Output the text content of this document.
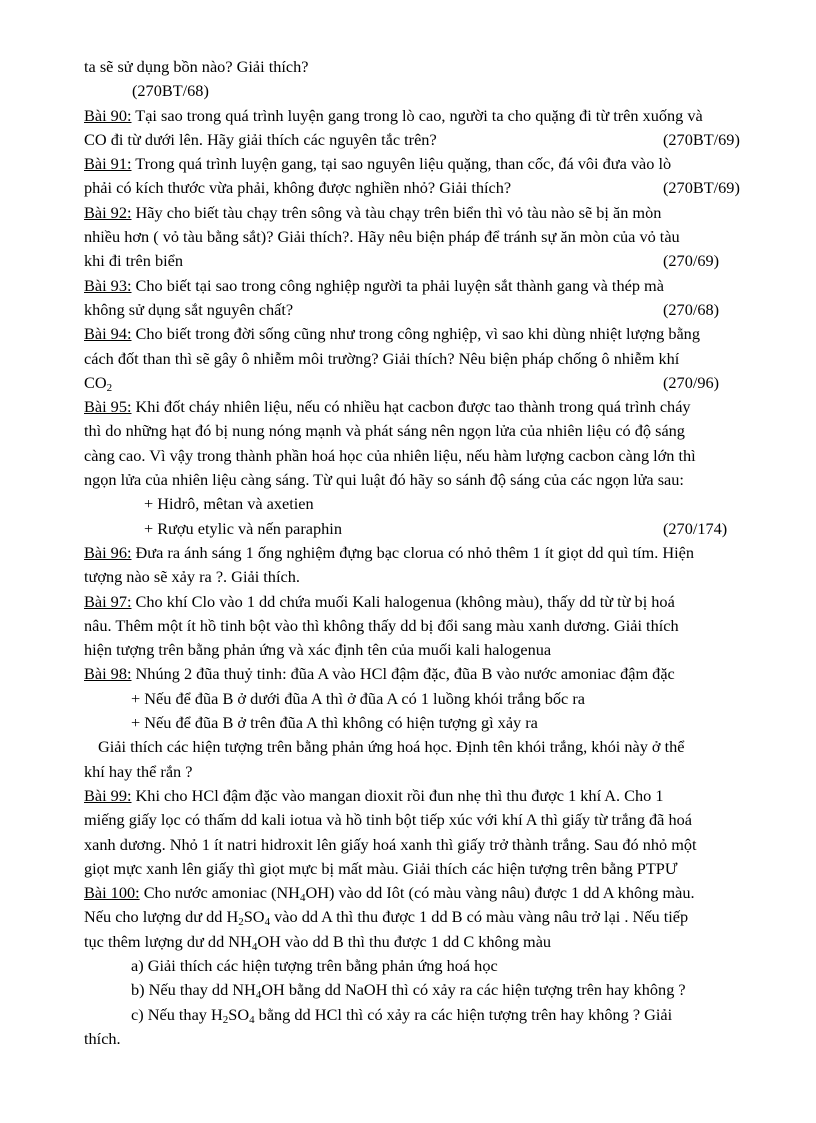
ta sẽ sử dụng bồn nào? Giải thích?
(270BT/68)
Bài 90: Tại sao trong quá trình luyện gang trong lò cao, người ta cho quặng đi từ trên xuống và
CO đi từ dưới lên. Hãy giải thích các nguyên tắc trên?	(270BT/69)
Bài 91: Trong quá trình luyện gang, tại sao nguyên liệu quặng, than cốc, đá vôi đưa vào lò
phải có kích thước vừa phải, không được nghiền nhỏ? Giải thích?	(270BT/69)
Bài 92: Hãy cho biết tàu chạy trên sông và tàu chạy trên biển thì vỏ tàu nào sẽ bị ăn mòn
nhiều hơn ( vỏ tàu bằng sắt)? Giải thích?. Hãy nêu biện pháp để tránh sự ăn mòn của vỏ tàu
khi đi trên biển	(270/69)
Bài 93: Cho biết tại sao trong công nghiệp người ta phải luyện sắt thành gang và thép mà
không sử dụng sắt nguyên chất?	(270/68)
Bài 94: Cho biết trong đời sống cũng như trong công nghiệp, vì sao khi dùng nhiệt lượng bằng
cách đốt than thì sẽ gây ô nhiễm môi trường? Giải thích? Nêu biện pháp chống ô nhiễm khí
$CO_2$	(270/96)
Bài 95: Khi đốt cháy nhiên liệu, nếu có nhiều hạt cacbon được tao thành trong quá trình cháy
thì do những hạt đó bị nung nóng mạnh và phát sáng nên ngọn lửa của nhiên liệu có độ sáng
càng cao. Vì vậy trong thành phần hoá học của nhiên liệu, nếu hàm lượng cacbon càng lớn thì
ngọn lửa của nhiên liệu càng sáng. Từ qui luật đó hãy so sánh độ sáng của các ngọn lửa sau:
+ Hidrô, mêtan và axetien
+ Rượu etylic và nến paraphin	(270/174)
Bài 96: Đưa ra ánh sáng 1 ống nghiệm đựng bạc clorua có nhỏ thêm 1 ít giọt dd quì tím. Hiện
tượng nào sẽ xảy ra ?. Giải thích.
Bài 97: Cho khí Clo vào 1 dd chứa muối Kali halogenua (không màu), thấy dd từ từ bị hoá
nâu. Thêm một ít hồ tinh bột vào thì không thấy dd bị đổi sang màu xanh dương. Giải thích
hiện tượng trên bằng phản ứng và xác định tên của muối kali halogenua
Bài 98: Nhúng 2 đũa thuỷ tinh: đũa A vào HCl đậm đặc, đũa B vào nước amoniac đậm đặc
+ Nếu để đũa B ở dưới đũa A thì ở đũa A có 1 luồng khói trắng bốc ra
+ Nếu để đũa B ở trên đũa A thì không có hiện tượng gì xảy ra
Giải thích các hiện tượng trên bằng phản ứng hoá học. Định tên khói trắng, khói này ở thể
khí hay thể rắn ?
Bài 99: Khi cho HCl đậm đặc vào mangan dioxit rồi đun nhẹ thì thu được 1 khí A. Cho 1
miếng giấy lọc có thấm dd kali iotua và hồ tinh bột tiếp xúc với khí A thì giấy từ trắng đã hoá
xanh dương. Nhỏ 1 ít natri hidroxit lên giấy hoá xanh thì giấy trở thành trắng. Sau đó nhỏ một
giọt mực xanh lên giấy thì giọt mực bị mất màu. Giải thích các hiện tượng trên bằng PTPƯ
Bài 100: Cho nước amoniac $(NH_4OH)$ vào dd Iôt (có màu vàng nâu) được 1 dd A không màu.
Nếu cho lượng dư dd $H_2SO_4$ vào dd A thì thu được 1 dd B có màu vàng nâu trở lại . Nếu tiếp
tục thêm lượng dư dd $NH_4OH$ vào dd B thì thu được 1 dd C không màu
a) Giải thích các hiện tượng trên bằng phản ứng hoá học
b) Nếu thay dd $NH_4OH$ bằng dd NaOH thì có xảy ra các hiện tượng trên hay không ?
c) Nếu thay $H_2SO_4$ bằng dd HCl thì có xảy ra các hiện tượng trên hay không ? Giải
thích.
